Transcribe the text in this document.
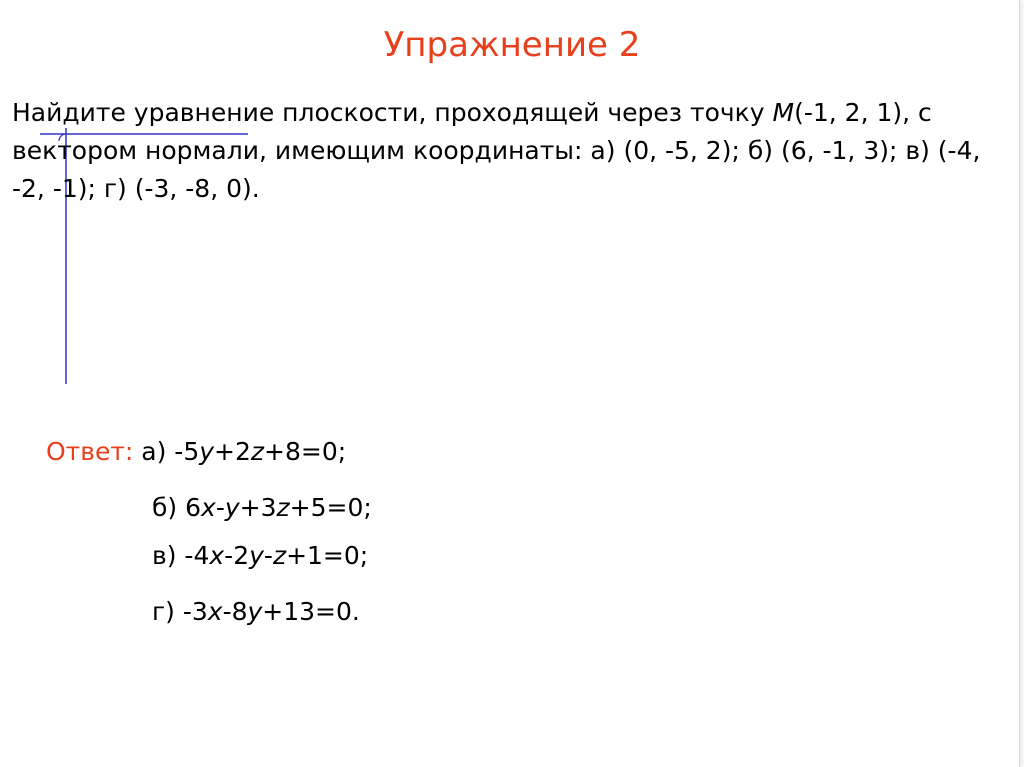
Упражнение 2

Найдите уравнение плоскости, проходящей через точку M(-1, 2, 1), с вектором нормали, имеющим координаты: а) (0, -5, 2); б) (6, -1, 3); в) (-4, -2, -1); г) (-3, -8, 0).

Ответ: а) -5y+2z+8=0;

б) 6x-y+3z+5=0;

в) -4x-2y-z+1=0;

г) -3x-8y+13=0.
